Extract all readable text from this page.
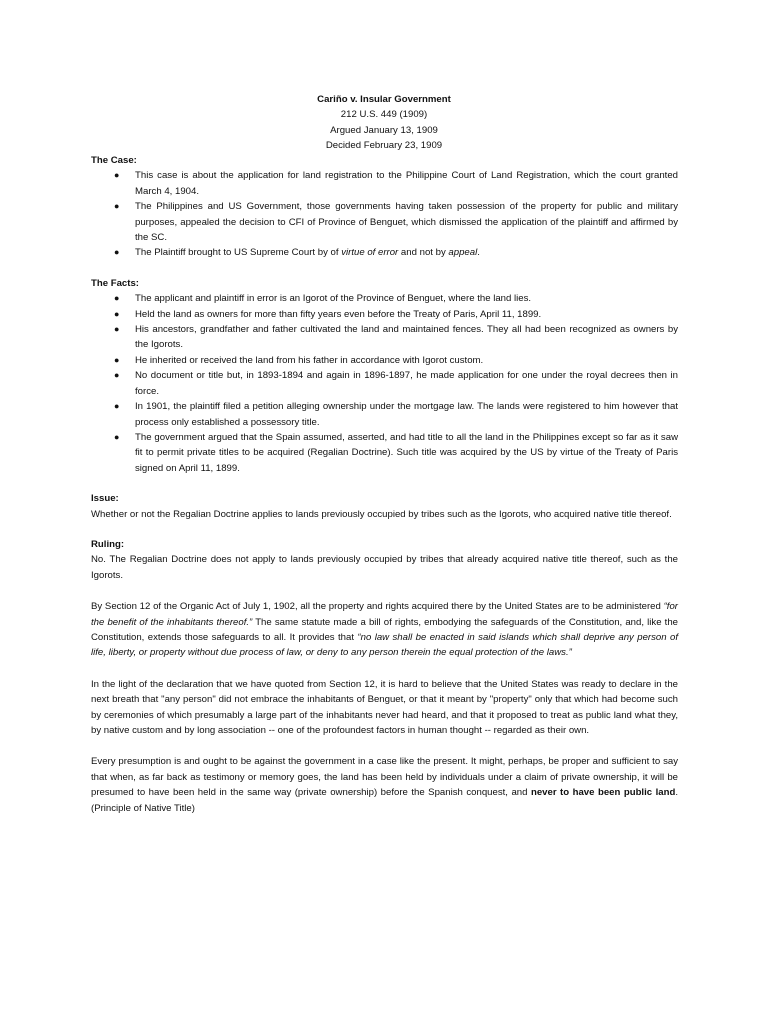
Cariño v. Insular Government
212 U.S. 449 (1909)
Argued January 13, 1909
Decided February 23, 1909
The Case:
● This case is about the application for land registration to the Philippine Court of Land Registration, which the court granted March 4, 1904.
● The Philippines and US Government, those governments having taken possession of the property for public and military purposes, appealed the decision to CFI of Province of Benguet, which dismissed the application of the plaintiff and affirmed by the SC.
● The Plaintiff brought to US Supreme Court by of virtue of error and not by appeal.
The Facts:
● The applicant and plaintiff in error is an Igorot of the Province of Benguet, where the land lies.
● Held the land as owners for more than fifty years even before the Treaty of Paris, April 11, 1899.
● His ancestors, grandfather and father cultivated the land and maintained fences. They all had been recognized as owners by the Igorots.
● He inherited or received the land from his father in accordance with Igorot custom.
● No document or title but, in 1893-1894 and again in 1896-1897, he made application for one under the royal decrees then in force.
● In 1901, the plaintiff filed a petition alleging ownership under the mortgage law. The lands were registered to him however that process only established a possessory title.
● The government argued that the Spain assumed, asserted, and had title to all the land in the Philippines except so far as it saw fit to permit private titles to be acquired (Regalian Doctrine). Such title was acquired by the US by virtue of the Treaty of Paris signed on April 11, 1899.
Issue:
Whether or not the Regalian Doctrine applies to lands previously occupied by tribes such as the Igorots, who acquired native title thereof.
Ruling:
No. The Regalian Doctrine does not apply to lands previously occupied by tribes that already acquired native title thereof, such as the Igorots.
By Section 12 of the Organic Act of July 1, 1902, all the property and rights acquired there by the United States are to be administered “for the benefit of the inhabitants thereof.” The same statute made a bill of rights, embodying the safeguards of the Constitution, and, like the Constitution, extends those safeguards to all. It provides that “no law shall be enacted in said islands which shall deprive any person of life, liberty, or property without due process of law, or deny to any person therein the equal protection of the laws.”
In the light of the declaration that we have quoted from Section 12, it is hard to believe that the United States was ready to declare in the next breath that "any person" did not embrace the inhabitants of Benguet, or that it meant by "property" only that which had become such by ceremonies of which presumably a large part of the inhabitants never had heard, and that it proposed to treat as public land what they, by native custom and by long association -- one of the profoundest factors in human thought -- regarded as their own.
Every presumption is and ought to be against the government in a case like the present. It might, perhaps, be proper and sufficient to say that when, as far back as testimony or memory goes, the land has been held by individuals under a claim of private ownership, it will be presumed to have been held in the same way (private ownership) before the Spanish conquest, and never to have been public land. (Principle of Native Title)
